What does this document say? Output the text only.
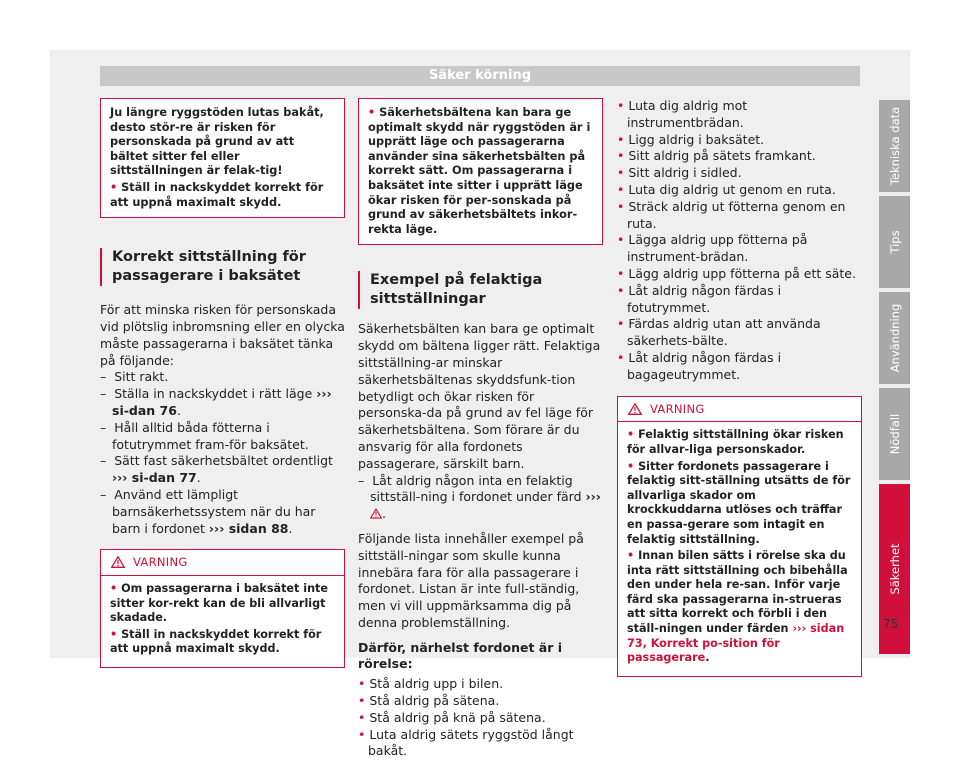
Säker körning

Ju längre ryggstöden lutas bakåt, desto stör-re är risken för personskada på grund av att bältet sitter fel eller sittställningen är felak-tig!

• Ställ in nackskyddet korrekt för att uppnå maximalt skydd.

Korrekt sittställning för passagerare i baksätet

För att minska risken för personskada vid plötslig inbromsning eller en olycka måste passagerarna i baksätet tänka på följande:

–  Sitt rakt.

–  Ställa in nackskyddet i rätt läge ››› si-dan 76.

–  Håll alltid båda fötterna i fotutrymmet fram-för baksätet.

–  Sätt fast säkerhetsbältet ordentligt ››› si-dan 77.

–  Använd ett lämpligt barnsäkerhetssystem när du har barn i fordonet ››› sidan 88.

VARNING

• Om passagerarna i baksätet inte sitter kor-rekt kan de bli allvarligt skadade.

• Ställ in nackskyddet korrekt för att uppnå maximalt skydd.

• Säkerhetsbältena kan bara ge optimalt skydd när ryggstöden är i upprätt läge och passagerarna använder sina säkerhetsbälten på korrekt sätt. Om passagerarna i baksätet inte sitter i upprätt läge ökar risken för per-sonskada på grund av säkerhetsbältets inkor-rekta läge.

Exempel på felaktiga sittställningar

Säkerhetsbälten kan bara ge optimalt skydd om bältena ligger rätt. Felaktiga sittställning-ar minskar säkerhetsbältenas skyddsfunk-tion betydligt och ökar risken för personska-da på grund av fel läge för säkerhetsbältena. Som förare är du ansvarig för alla fordonets passagerare, särskilt barn.

–  Låt aldrig någon inta en felaktig sittställ-ning i fordonet under färd ››› .

Följande lista innehåller exempel på sittställ-ningar som skulle kunna innebära fara för alla passagerare i fordonet. Listan är inte full-ständig, men vi vill uppmärksamma dig på denna problemställning.

Därför, närhelst fordonet är i rörelse:

• Stå aldrig upp i bilen.

• Stå aldrig på sätena.

• Stå aldrig på knä på sätena.

• Luta aldrig sätets ryggstöd långt bakåt.

• Luta dig aldrig mot instrumentbrädan.

• Ligg aldrig i baksätet.

• Sitt aldrig på sätets framkant.

• Sitt aldrig i sidled.

• Luta dig aldrig ut genom en ruta.

• Sträck aldrig ut fötterna genom en ruta.

• Lägga aldrig upp fötterna på instrument-brädan.

• Lägg aldrig upp fötterna på ett säte.

• Låt aldrig någon färdas i fotutrymmet.

• Färdas aldrig utan att använda säkerhets-bälte.

• Låt aldrig någon färdas i bagageutrymmet.

VARNING

• Felaktig sittställning ökar risken för allvar-liga personskador.

• Sitter fordonets passagerare i felaktig sitt-ställning utsätts de för allvarliga skador om krockkuddarna utlöses och träffar en passa-gerare som intagit en felaktig sittställning.

• Innan bilen sätts i rörelse ska du inta rätt sittställning och bibehålla den under hela re-san. Inför varje färd ska passagerarna in-strueras att sitta korrekt och förbli i den ställ-ningen under färden ››› sidan 73, Korrekt po-sition för passagerare.

Tekniska data
Tips
Användning
Nödfall
Säkerhet
75
